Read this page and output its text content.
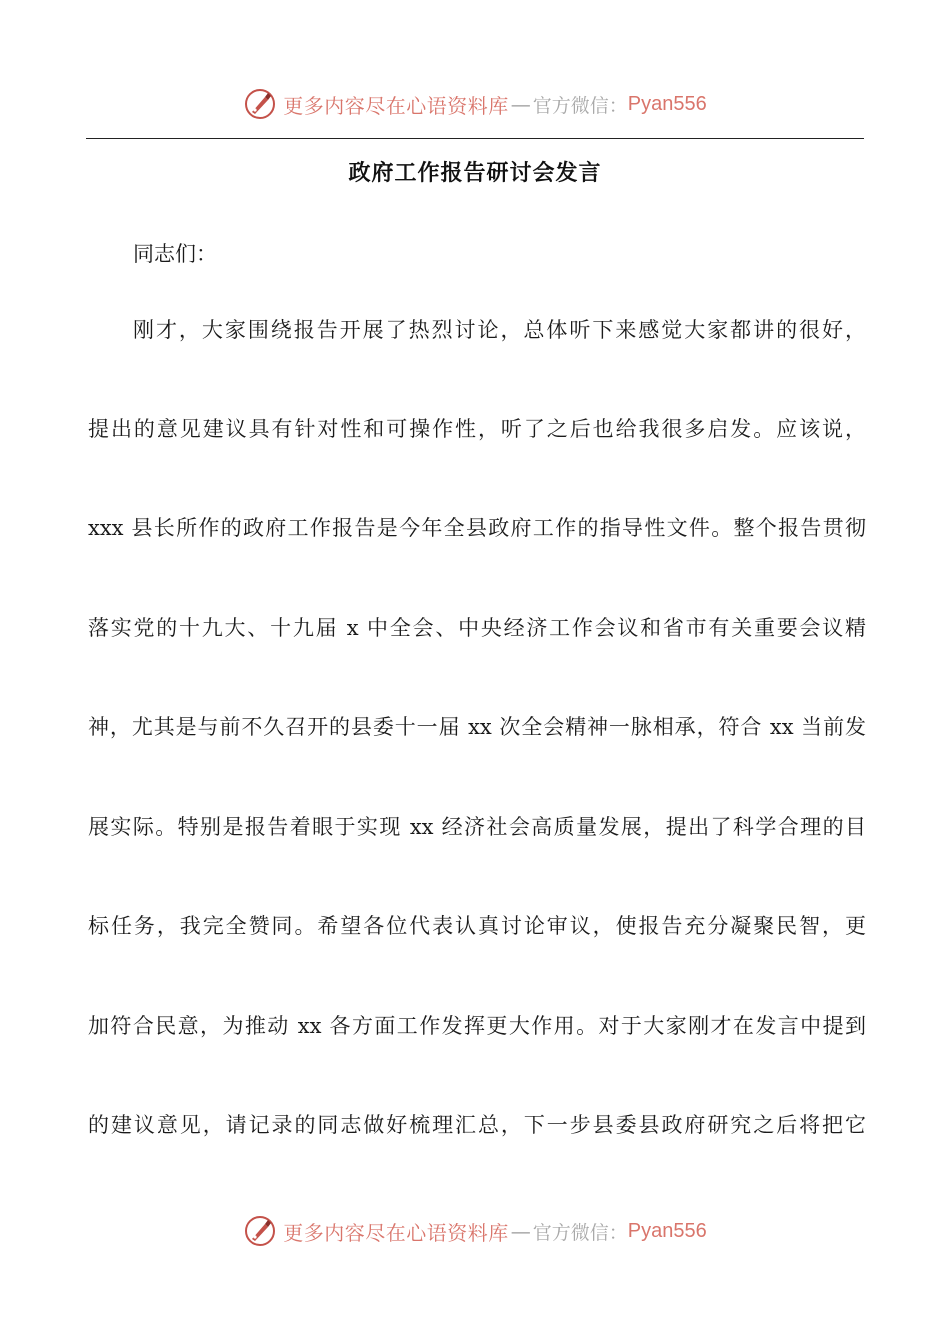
更多内容尽在心语资料库 — 官方微信： Pyan556
政府工作报告研讨会发言
同志们：
刚才，大家围绕报告开展了热烈讨论，总体听下来感觉大家都讲的很好，
提出的意见建议具有针对性和可操作性，听了之后也给我很多启发。应该说，
xxx 县长所作的政府工作报告是今年全县政府工作的指导性文件。整个报告贯彻
落实党的十九大、十九届 x 中全会、中央经济工作会议和省市有关重要会议精
神，尤其是与前不久召开的县委十一届 xx 次全会精神一脉相承，符合 xx 当前发
展实际。特别是报告着眼于实现 xx 经济社会高质量发展，提出了科学合理的目
标任务，我完全赞同。希望各位代表认真讨论审议，使报告充分凝聚民智，更
加符合民意，为推动 xx 各方面工作发挥更大作用。对于大家刚才在发言中提到
的建议意见，请记录的同志做好梳理汇总，下一步县委县政府研究之后将把它
更多内容尽在心语资料库 — 官方微信： Pyan556
